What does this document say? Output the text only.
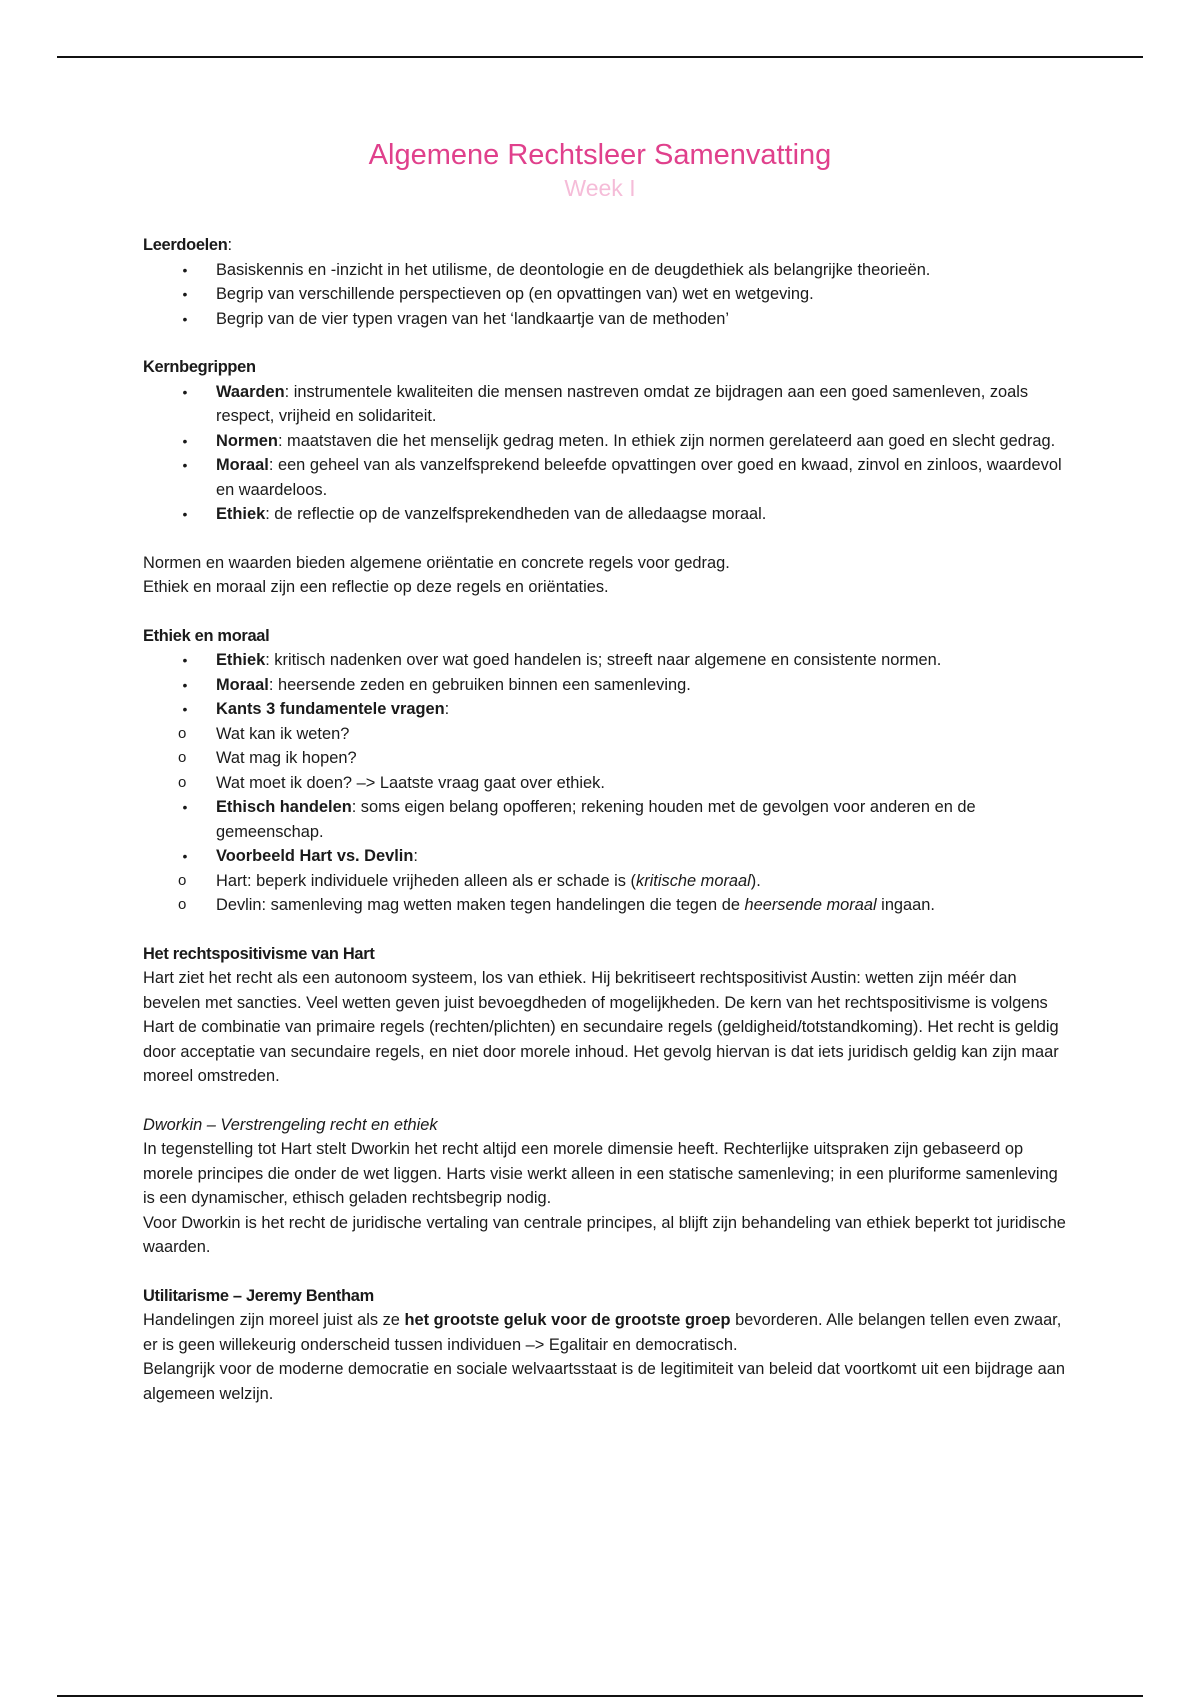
Algemene Rechtsleer Samenvatting
Week I
Leerdoelen:
• Basiskennis en -inzicht in het utilisme, de deontologie en de deugdethiek als belangrijke theorieën.
• Begrip van verschillende perspectieven op (en opvattingen van) wet en wetgeving.
• Begrip van de vier typen vragen van het ‘landkaartje van de methoden’
Kernbegrippen
• Waarden: instrumentele kwaliteiten die mensen nastreven omdat ze bijdragen aan een goed samenleven, zoals respect, vrijheid en solidariteit.
• Normen: maatstaven die het menselijk gedrag meten. In ethiek zijn normen gerelateerd aan goed en slecht gedrag.
• Moraal: een geheel van als vanzelfsprekend beleefde opvattingen over goed en kwaad, zinvol en zinloos, waardevol en waardeloos.
• Ethiek: de reflectie op de vanzelfsprekendheden van de alledaagse moraal.

Normen en waarden bieden algemene oriëntatie en concrete regels voor gedrag.

Ethiek en moraal zijn een reflectie op deze regels en oriëntaties.

Ethiek en moraal
• Ethiek: kritisch nadenken over wat goed handelen is; streeft naar algemene en consistente normen.
• Moraal: heersende zeden en gebruiken binnen een samenleving.
• Kants 3 fundamentele vragen:
o Wat kan ik weten?
o Wat mag ik hopen?
o Wat moet ik doen? –> Laatste vraag gaat over ethiek.
• Ethisch handelen: soms eigen belang opofferen; rekening houden met de gevolgen voor anderen en de gemeenschap.
• Voorbeeld Hart vs. Devlin:
o Hart: beperk individuele vrijheden alleen als er schade is (kritische moraal).
o Devlin: samenleving mag wetten maken tegen handelingen die tegen de heersende moraal ingaan.
Het rechtspositivisme van Hart

Hart ziet het recht als een autonoom systeem, los van ethiek. Hij bekritiseert rechtspositivist Austin: wetten zijn méér dan bevelen met sancties. Veel wetten geven juist bevoegdheden of mogelijkheden. De kern van het rechtspositivisme is volgens Hart de combinatie van primaire regels (rechten/plichten) en secundaire regels (geldigheid/totstandkoming). Het recht is geldig door acceptatie van secundaire regels, en niet door morele inhoud. Het gevolg hiervan is dat iets juridisch geldig kan zijn maar moreel omstreden.

Dworkin – Verstrengeling recht en ethiek

In tegenstelling tot Hart stelt Dworkin het recht altijd een morele dimensie heeft. Rechterlijke uitspraken zijn gebaseerd op morele principes die onder de wet liggen. Harts visie werkt alleen in een statische samenleving; in een pluriforme samenleving is een dynamischer, ethisch geladen rechtsbegrip nodig.

Voor Dworkin is het recht de juridische vertaling van centrale principes, al blijft zijn behandeling van ethiek beperkt tot juridische waarden.

Utilitarisme – Jeremy Bentham

Handelingen zijn moreel juist als ze het grootste geluk voor de grootste groep bevorderen. Alle belangen tellen even zwaar, er is geen willekeurig onderscheid tussen individuen –> Egalitair en democratisch.

Belangrijk voor de moderne democratie en sociale welvaartsstaat is de legitimiteit van beleid dat voortkomt uit een bijdrage aan algemeen welzijn.
